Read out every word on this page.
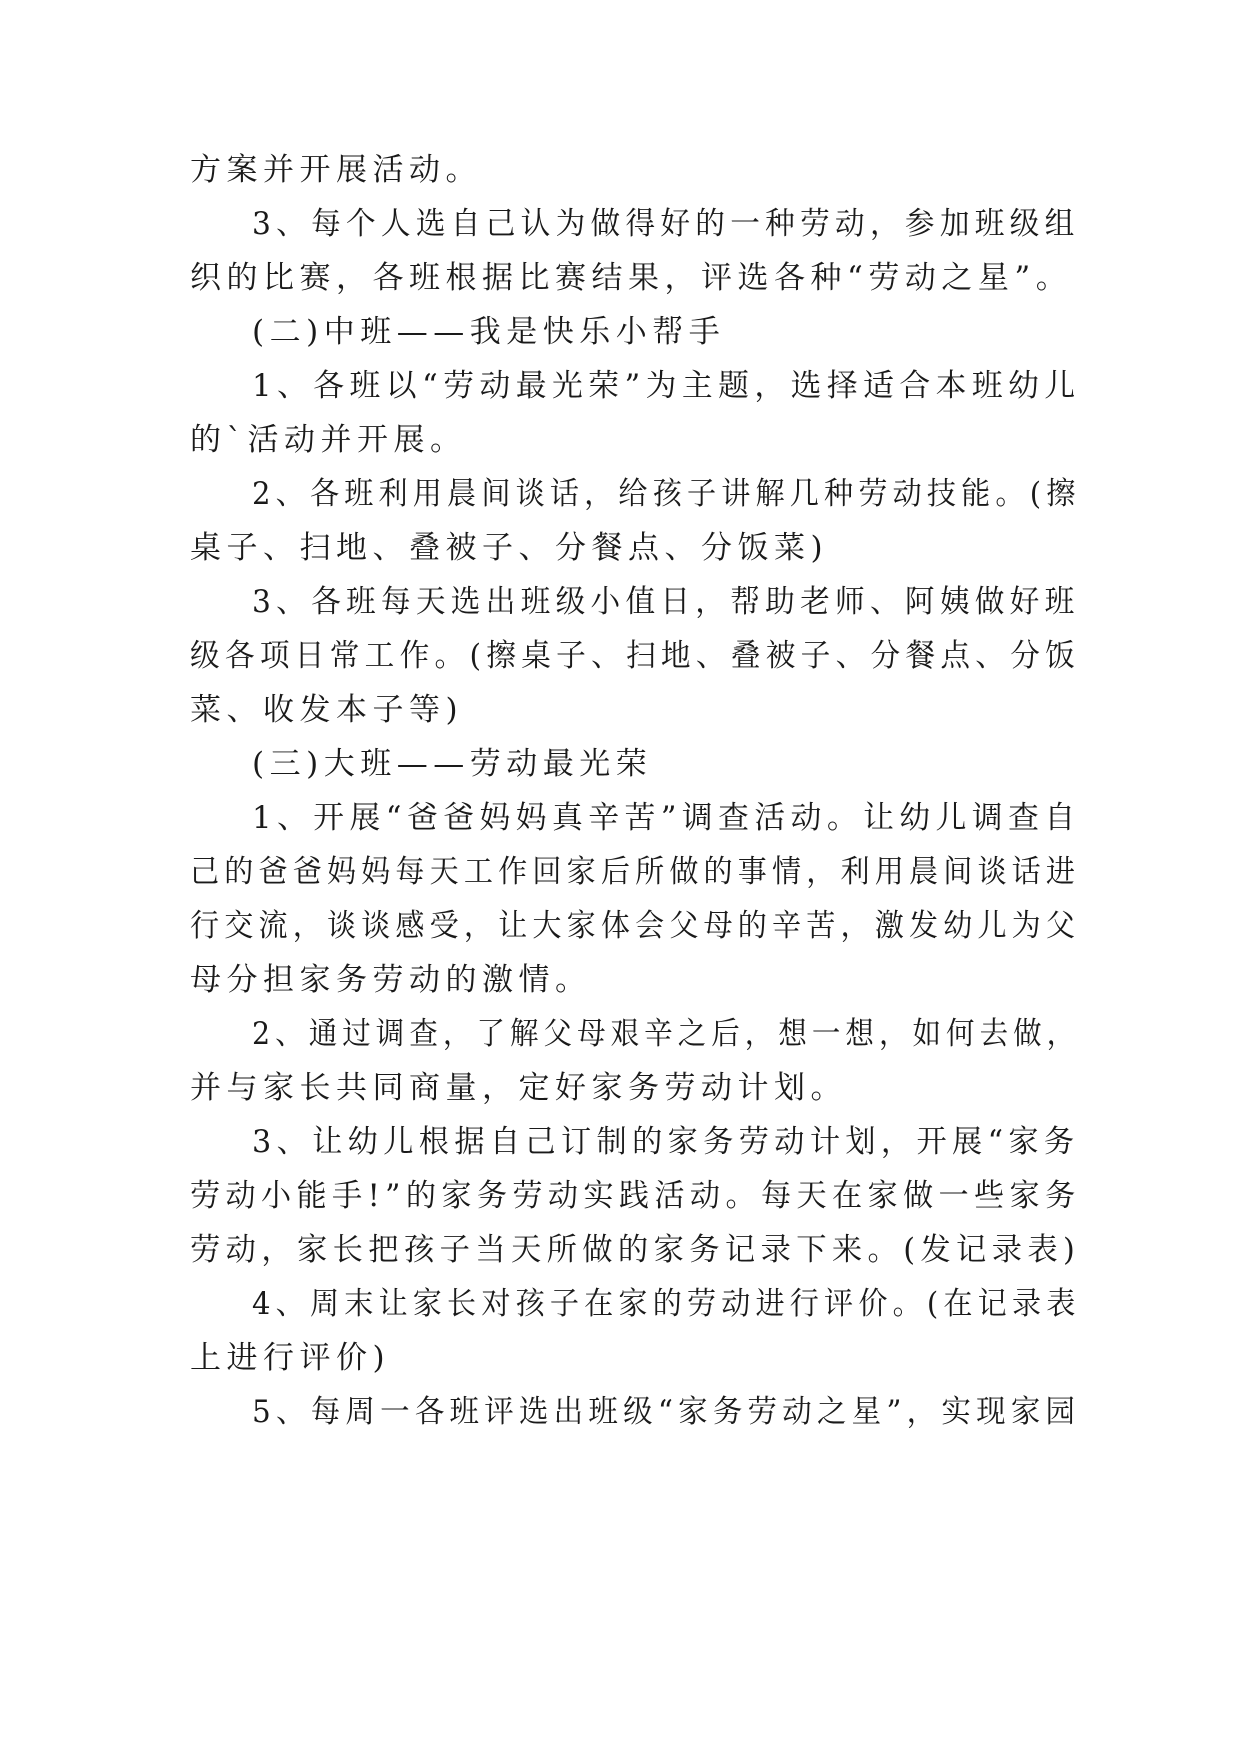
方案并开展活动。
3、每个人选自己认为做得好的一种劳动，参加班级组
织的比赛，各班根据比赛结果，评选各种“劳动之星”。
(二)中班——我是快乐小帮手
1、各班以“劳动最光荣”为主题，选择适合本班幼儿
的`活动并开展。
2、各班利用晨间谈话，给孩子讲解几种劳动技能。(擦
桌子、扫地、叠被子、分餐点、分饭菜)
3、各班每天选出班级小值日，帮助老师、阿姨做好班
级各项日常工作。(擦桌子、扫地、叠被子、分餐点、分饭
菜、收发本子等)
(三)大班——劳动最光荣
1、开展“爸爸妈妈真辛苦”调查活动。让幼儿调查自
己的爸爸妈妈每天工作回家后所做的事情，利用晨间谈话进
行交流，谈谈感受，让大家体会父母的辛苦，激发幼儿为父
母分担家务劳动的激情。
2、通过调查，了解父母艰辛之后，想一想，如何去做，
并与家长共同商量，定好家务劳动计划。
3、让幼儿根据自己订制的家务劳动计划，开展“家务
劳动小能手!”的家务劳动实践活动。每天在家做一些家务
劳动，家长把孩子当天所做的家务记录下来。(发记录表)
4、周末让家长对孩子在家的劳动进行评价。(在记录表
上进行评价)
5、每周一各班评选出班级“家务劳动之星”，实现家园
